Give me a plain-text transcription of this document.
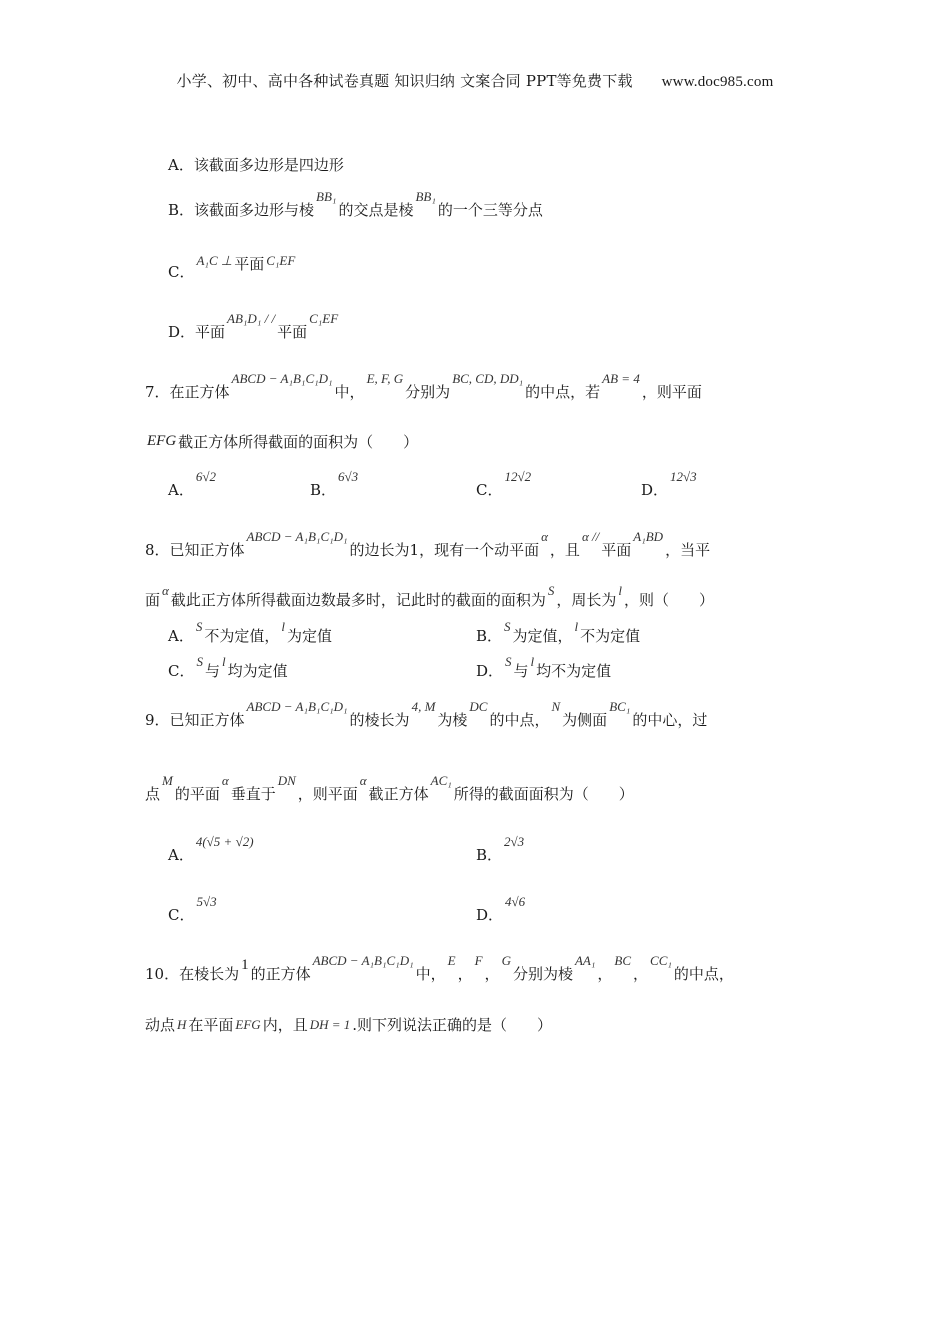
小学、初中、高中各种试卷真题 知识归纳 文案合同 PPT等免费下载 www.doc985.com
A．该截面多边形是四边形
B．该截面多边形与棱BB₁的交点是棱BB₁的一个三等分点
C．A₁C ⊥ 平面 C₁EF
D．平面AB₁D₁ / /平面C₁EF
7．在正方体ABCD − A₁B₁C₁D₁中，E, F, G分别为BC, CD, DD₁的中点，若AB = 4，则平面
EFG 截正方体所得截面的面积为（　　）
A．6√2
B．6√3
C．12√2
D．12√3
8．已知正方体ABCD − A₁B₁C₁D₁的边长为1，现有一个动平面α，且α //平面A₁BD，当平
面α截此正方体所得截面边数最多时，记此时的截面的面积为S，周长为l，则（　　）
A．S不为定值，l为定值	B．S为定值，l不为定值
C．S与l均为定值	D．S与l均不为定值
9．已知正方体ABCD − A₁B₁C₁D₁的棱长为4, M为棱DC的中点，N为侧面BC₁的中心，过
点M的平面α垂直于DN，则平面α截正方体AC₁所得的截面面积为（　　）
A．4(√5 + √2)
B．2√3
C．5√3
D．4√6
10．在棱长为 1 的正方体ABCD − A₁B₁C₁D₁中，E，F，G分别为棱AA₁，BC，CC₁的中点，
动点 H 在平面 EFG 内，且 DH = 1 .则下列说法正确的是（　　）
